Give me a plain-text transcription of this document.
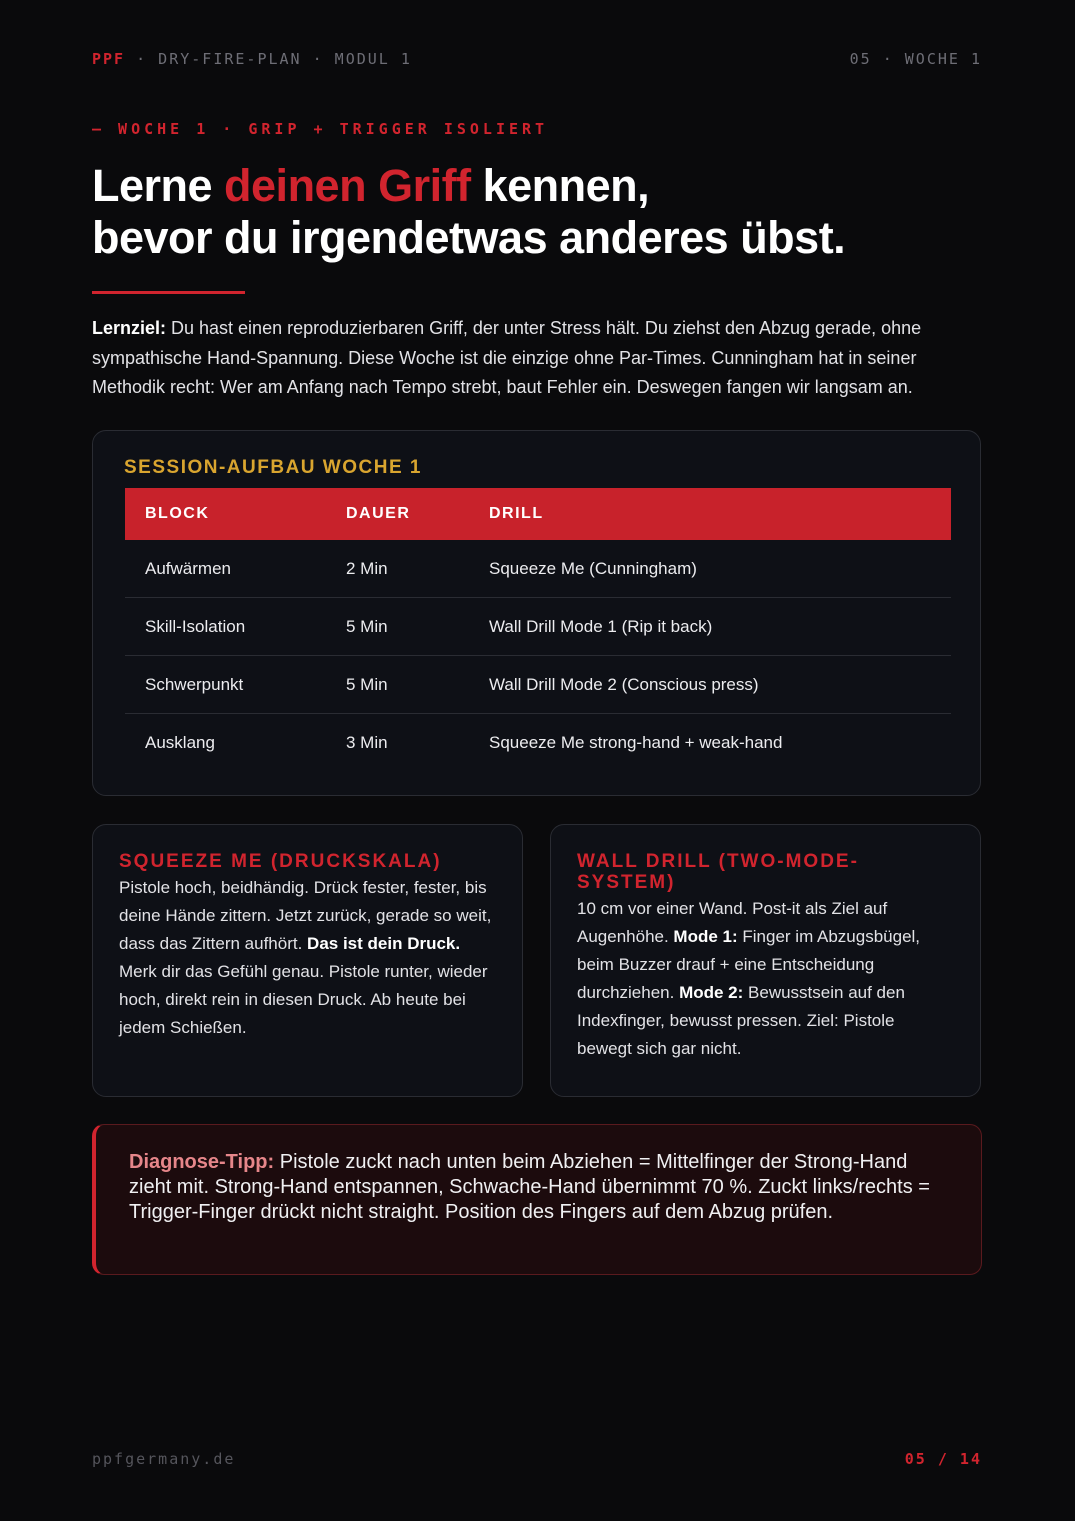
PPF · DRY-FIRE-PLAN · MODUL 1	05 · WOCHE 1
— WOCHE 1 · GRIP + TRIGGER ISOLIERT
Lerne deinen Griff kennen,
bevor du irgendetwas anderes übst.

Lernziel: Du hast einen reproduzierbaren Griff, der unter Stress hält. Du ziehst den Abzug gerade, ohne sympathische Hand-Spannung. Diese Woche ist die einzige ohne Par-Times. Cunningham hat in seiner Methodik recht: Wer am Anfang nach Tempo strebt, baut Fehler ein. Deswegen fangen wir langsam an.

SESSION-AUFBAU WOCHE 1
BLOCK	DAUER	DRILL
Aufwärmen	2 Min	Squeeze Me (Cunningham)
Skill-Isolation	5 Min	Wall Drill Mode 1 (Rip it back)
Schwerpunkt	5 Min	Wall Drill Mode 2 (Conscious press)
Ausklang	3 Min	Squeeze Me strong-hand + weak-hand
SQUEEZE ME (DRUCKSKALA)

Pistole hoch, beidhändig. Drück fester, fester, bis deine Hände zittern. Jetzt zurück, gerade so weit, dass das Zittern aufhört. Das ist dein Druck. Merk dir das Gefühl genau. Pistole runter, wieder hoch, direkt rein in diesen Druck. Ab heute bei jedem Schießen.

WALL DRILL (TWO-MODE-SYSTEM)

10 cm vor einer Wand. Post-it als Ziel auf Augenhöhe. Mode 1: Finger im Abzugsbügel, beim Buzzer drauf + eine Entscheidung durchziehen. Mode 2: Bewusstsein auf den Indexfinger, bewusst pressen. Ziel: Pistole bewegt sich gar nicht.

Diagnose-Tipp: Pistole zuckt nach unten beim Abziehen = Mittelfinger der Strong-Hand zieht mit. Strong-Hand entspannen, Schwache-Hand übernimmt 70 %. Zuckt links/rechts = Trigger-Finger drückt nicht straight. Position des Fingers auf dem Abzug prüfen.

ppfgermany.de	05 / 14
